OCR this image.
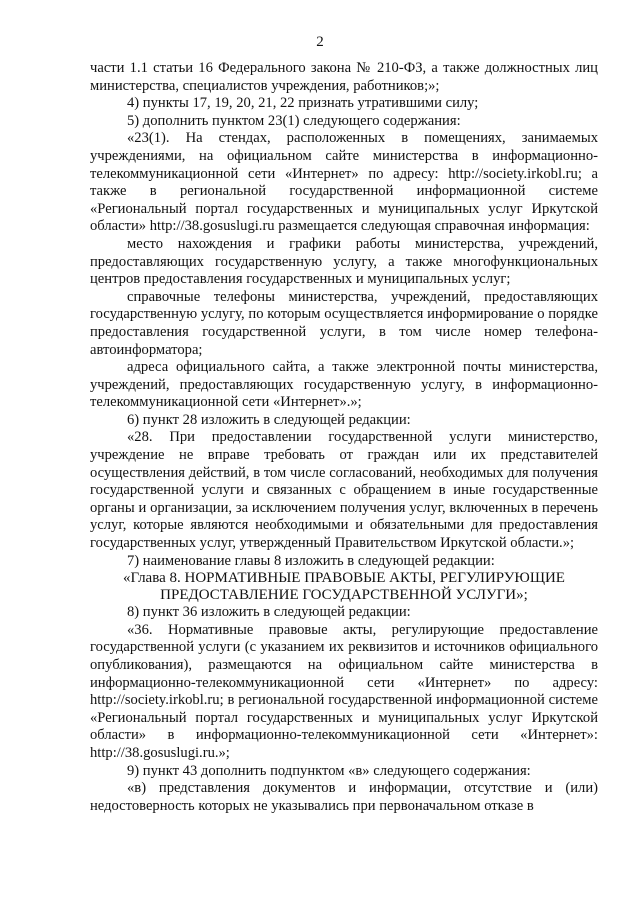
2

части 1.1 статьи 16 Федерального закона № 210-ФЗ, а также должностных лиц министерства, специалистов учреждения, работников;»;

4) пункты 17, 19, 20, 21, 22 признать утратившими силу;

5) дополнить пунктом 23(1) следующего содержания:

«23(1). На стендах, расположенных в помещениях, занимаемых учреждениями, на официальном сайте министерства в информационно-телекоммуникационной сети «Интернет» по адресу: http://society.irkobl.ru; а также в региональной государственной информационной системе «Региональный портал государственных и муниципальных услуг Иркутской области» http://38.gosuslugi.ru размещается следующая справочная информация:

место нахождения и графики работы министерства, учреждений, предоставляющих государственную услугу, а также многофункциональных центров предоставления государственных и муниципальных услуг;

справочные телефоны министерства, учреждений, предоставляющих государственную услугу, по которым осуществляется информирование о порядке предоставления государственной услуги, в том числе номер телефона-автоинформатора;

адреса официального сайта, а также электронной почты министерства, учреждений, предоставляющих государственную услугу, в информационно-телекоммуникационной сети «Интернет».»;

6) пункт 28 изложить в следующей редакции:

«28. При предоставлении государственной услуги министерство, учреждение не вправе требовать от граждан или их представителей осуществления действий, в том числе согласований, необходимых для получения государственной услуги и связанных с обращением в иные государственные органы и организации, за исключением получения услуг, включенных в перечень услуг, которые являются необходимыми и обязательными для предоставления государственных услуг, утвержденный Правительством Иркутской области.»;

7) наименование главы 8 изложить в следующей редакции:

«Глава 8. НОРМАТИВНЫЕ ПРАВОВЫЕ АКТЫ, РЕГУЛИРУЮЩИЕ ПРЕДОСТАВЛЕНИЕ ГОСУДАРСТВЕННОЙ УСЛУГИ»;

8) пункт 36 изложить в следующей редакции:

«36. Нормативные правовые акты, регулирующие предоставление государственной услуги (с указанием их реквизитов и источников официального опубликования), размещаются на официальном сайте министерства в информационно-телекоммуникационной сети «Интернет» по адресу: http://society.irkobl.ru; в региональной государственной информационной системе «Региональный портал государственных и муниципальных услуг Иркутской области» в информационно-телекоммуникационной сети «Интернет»: http://38.gosuslugi.ru.»;

9) пункт 43 дополнить подпунктом «в» следующего содержания:

«в) представления документов и информации, отсутствие и (или) недостоверность которых не указывались при первоначальном отказе в
